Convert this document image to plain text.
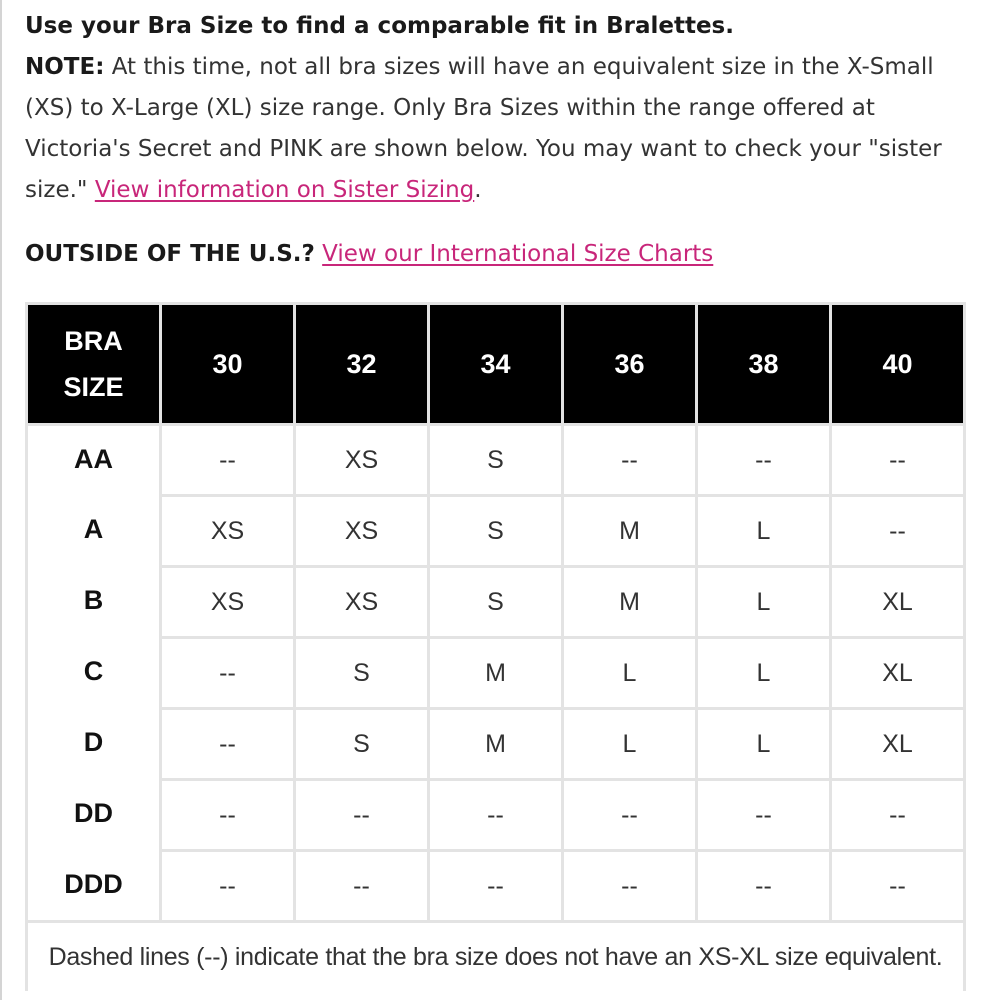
Use your Bra Size to find a comparable fit in Bralettes.
NOTE: At this time, not all bra sizes will have an equivalent size in the X-Small (XS) to X-Large (XL) size range. Only Bra Sizes within the range offered at Victoria's Secret and PINK are shown below. You may want to check your "sister size." View information on Sister Sizing.
OUTSIDE OF THE U.S.? View our International Size Charts
BRA
SIZE	30	32	34	36	38	40
AA	--	XS	S	--	--	--
A	XS	XS	S	M	L	--
B	XS	XS	S	M	L	XL
C	--	S	M	L	L	XL
D	--	S	M	L	L	XL
DD	--	--	--	--	--	--
DDD	--	--	--	--	--	--
Dashed lines (--) indicate that the bra size does not have an XS-XL size equivalent.						
